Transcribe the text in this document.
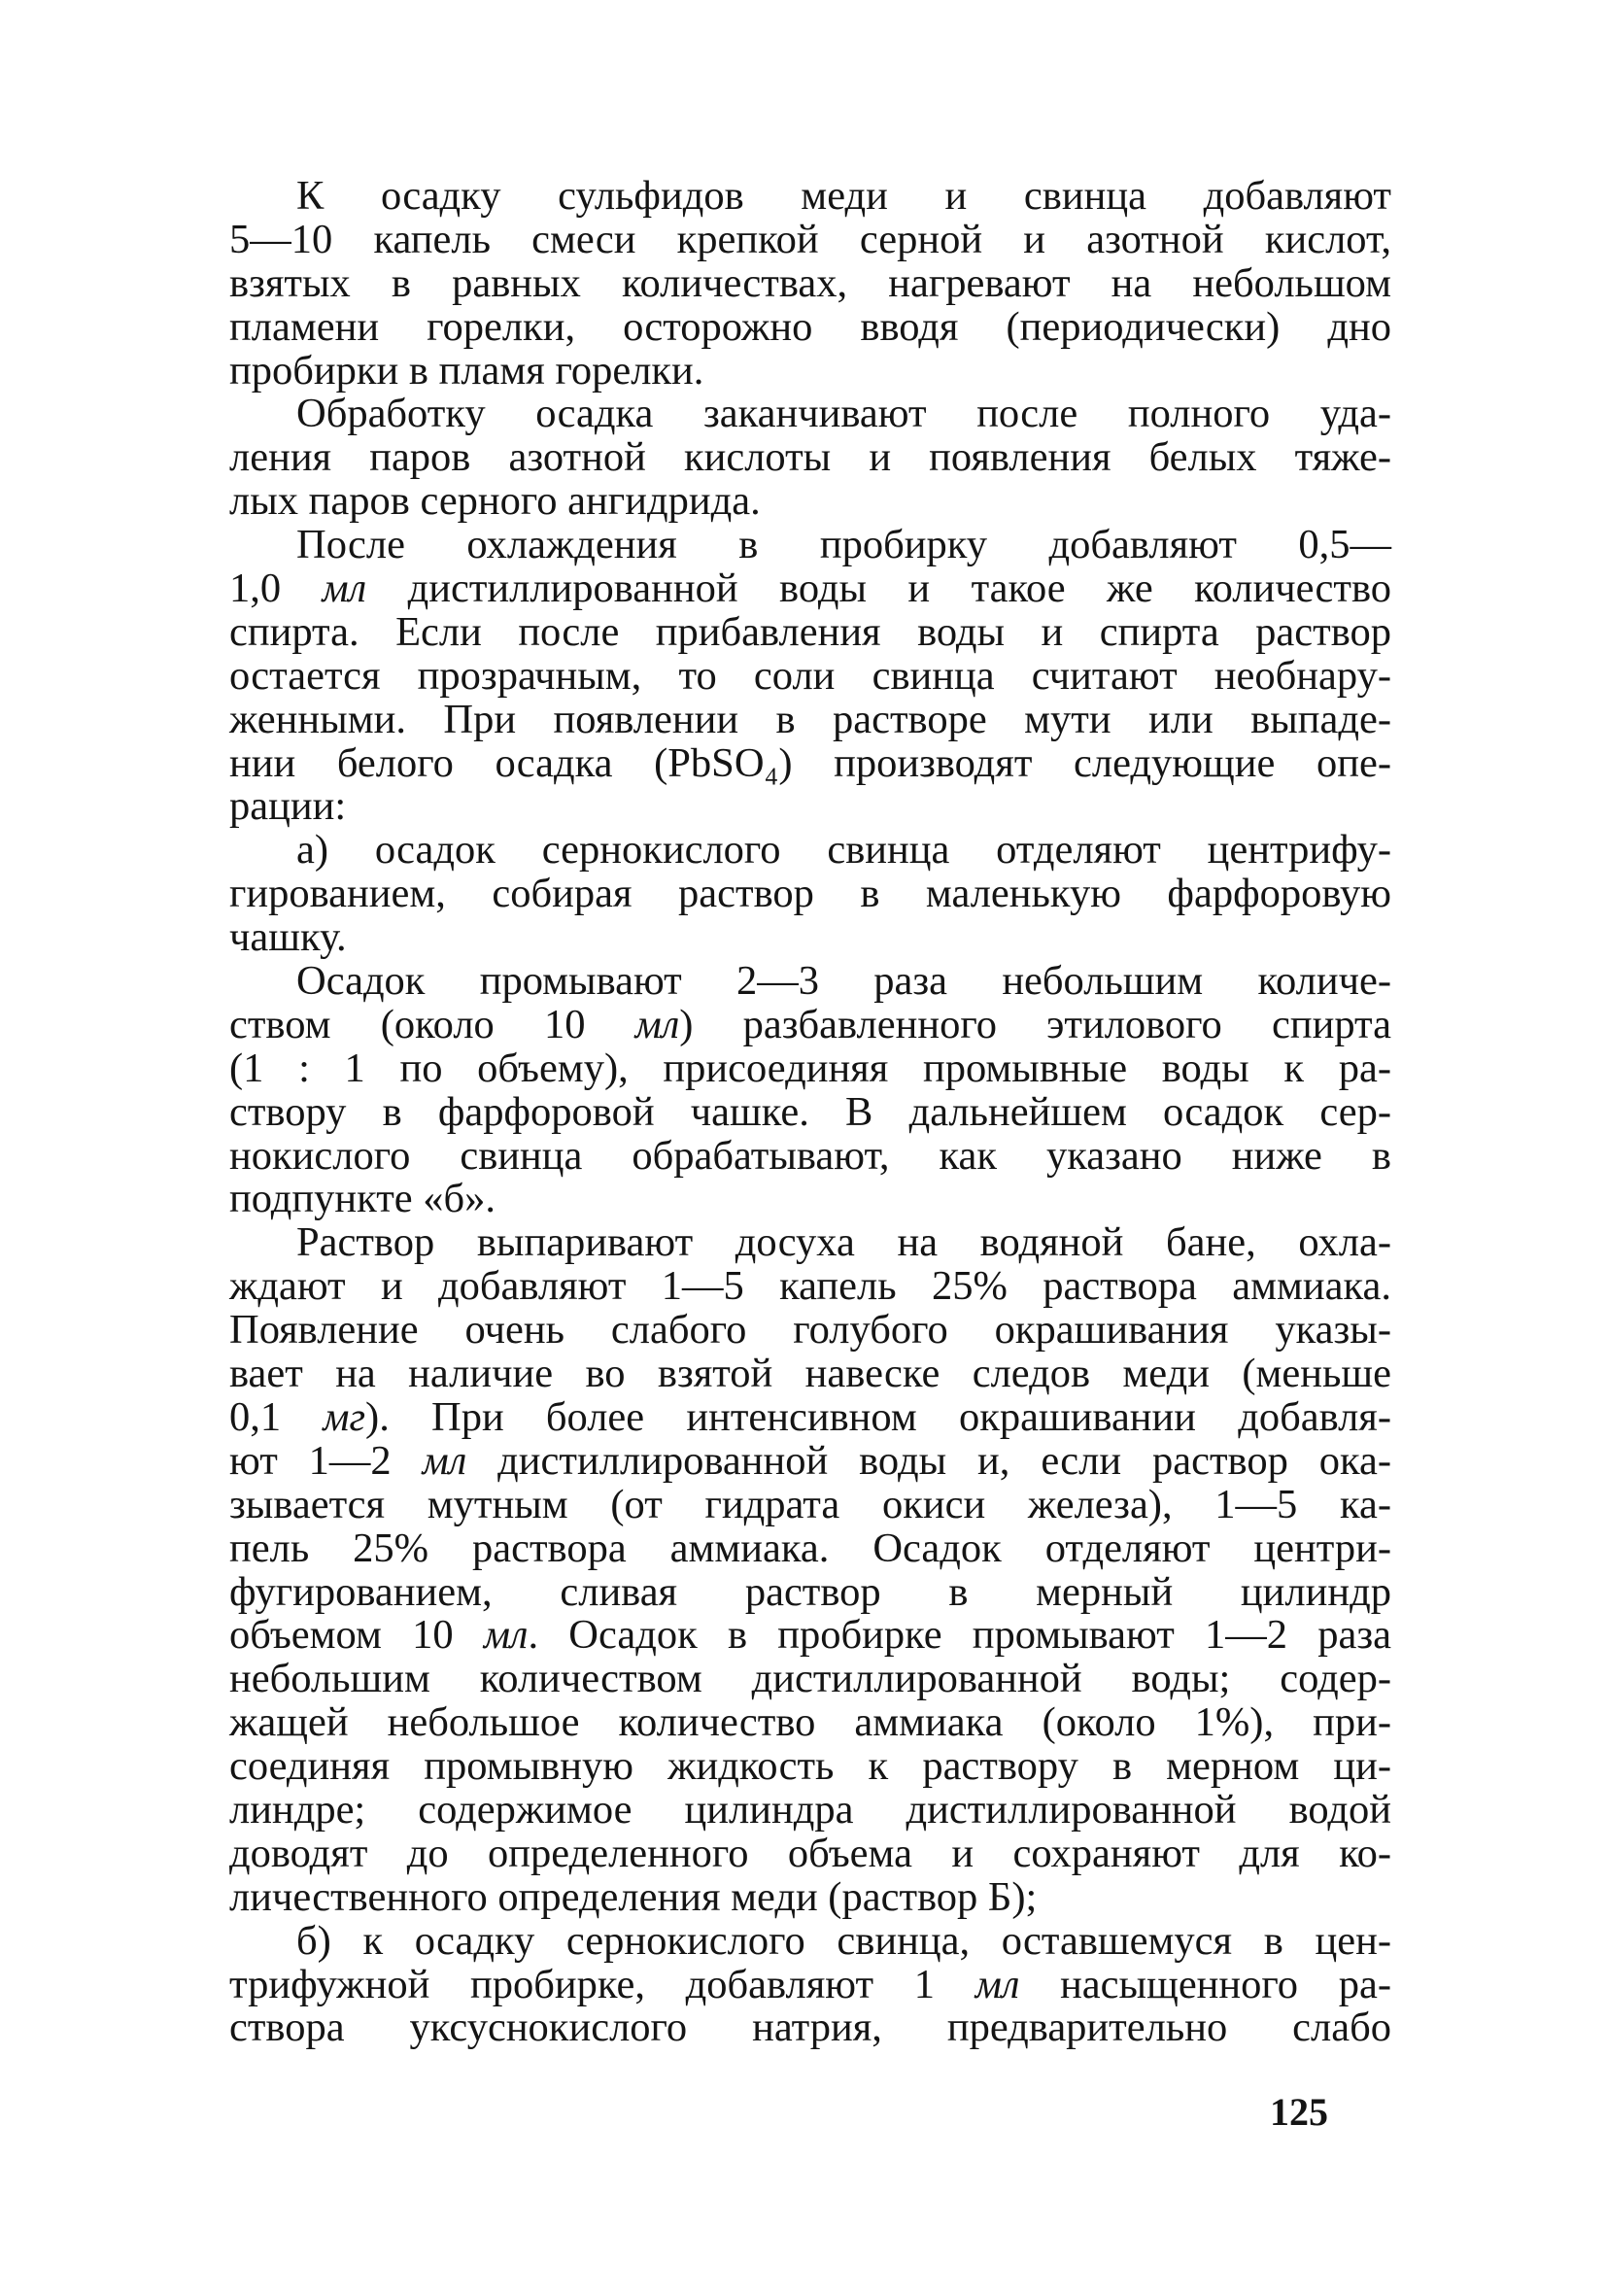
К осадку сульфидов меди и свинца добавляют
5—10 капель смеси крепкой серной и азотной кислот,
взятых в равных количествах, нагревают на небольшом
пламени горелки, осторожно вводя (периодически) дно
пробирки в пламя горелки.
Обработку осадка заканчивают после полного уда-
ления паров азотной кислоты и появления белых тяже-
лых паров серного ангидрида.
После охлаждения в пробирку добавляют 0,5—
1,0 мл дистиллированной воды и такое же количество
спирта. Если после прибавления воды и спирта раствор
остается прозрачным, то соли свинца считают необнару-
женными. При появлении в растворе мути или выпаде-
нии белого осадка (PbSO₄) производят следующие опе-
рации:
а) осадок сернокислого свинца отделяют центрифу-
гированием, собирая раствор в маленькую фарфоровую
чашку.
Осадок промывают 2—3 раза небольшим количе-
ством (около 10 мл) разбавленного этилового спирта
(1 : 1 по объему), присоединяя промывные воды к ра-
створу в фарфоровой чашке. В дальнейшем осадок сер-
нокислого свинца обрабатывают, как указано ниже в
подпункте «б».
Раствор выпаривают досуха на водяной бане, охла-
ждают и добавляют 1—5 капель 25% раствора аммиака.
Появление очень слабого голубого окрашивания указы-
вает на наличие во взятой навеске следов меди (меньше
0,1 мг). При более интенсивном окрашивании добавля-
ют 1—2 мл дистиллированной воды и, если раствор ока-
зывается мутным (от гидрата окиси железа), 1—5 ка-
пель 25% раствора аммиака. Осадок отделяют центри-
фугированием, сливая раствор в мерный цилиндр
объемом 10 мл. Осадок в пробирке промывают 1—2 раза
небольшим количеством дистиллированной воды; содер-
жащей небольшое количество аммиака (около 1%), при-
соединяя промывную жидкость к раствору в мерном ци-
линдре; содержимое цилиндра дистиллированной водой
доводят до определенного объема и сохраняют для ко-
личественного определения меди (раствор Б);
б) к осадку сернокислого свинца, оставшемуся в цен-
трифужной пробирке, добавляют 1 мл насыщенного ра-
створа уксуснокислого натрия, предварительно слабо
125
